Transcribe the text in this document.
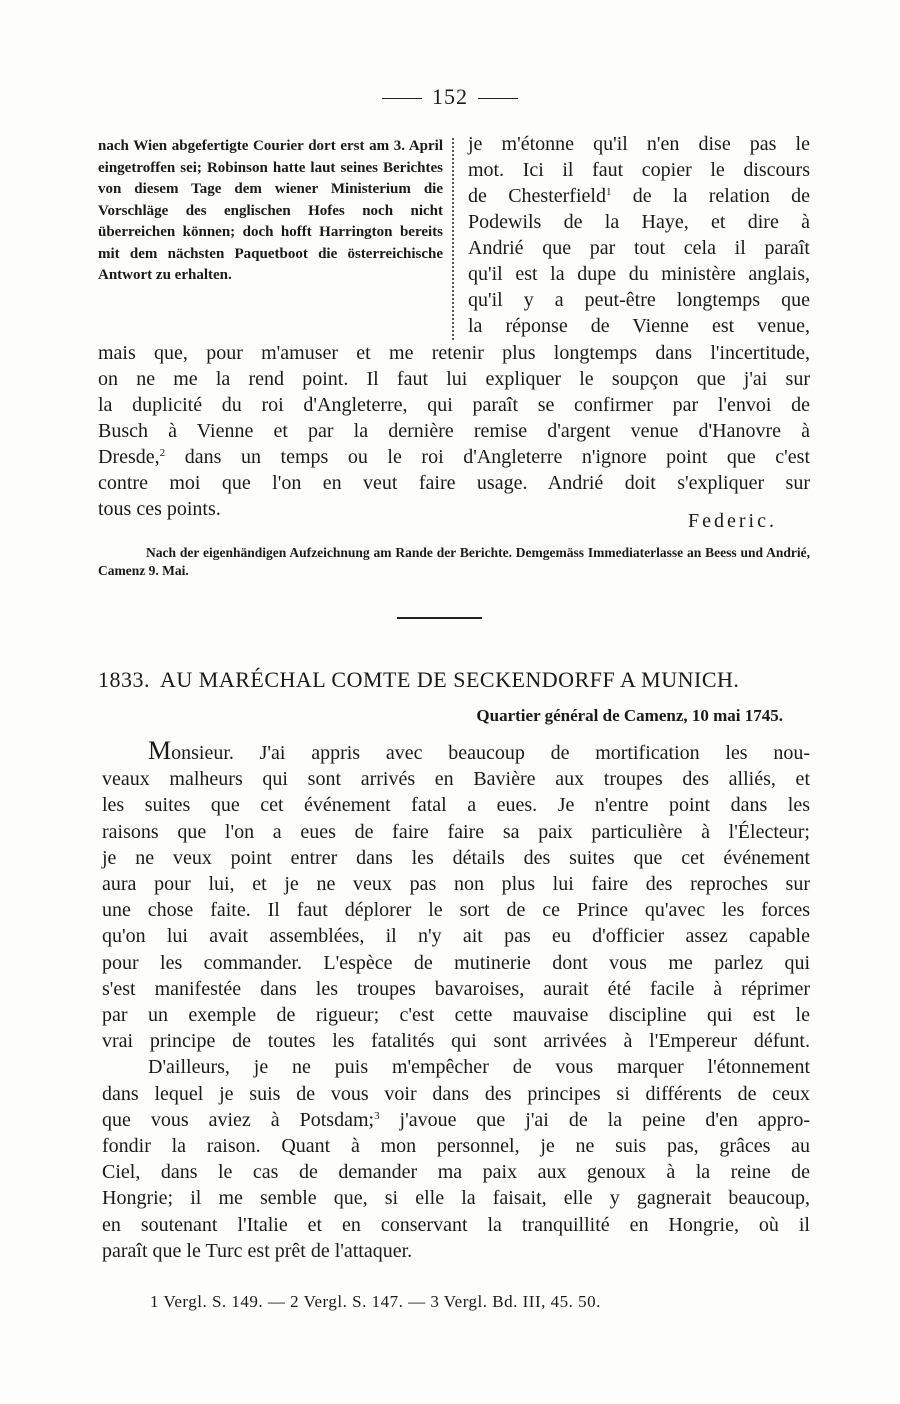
152
nach Wien abgefertigte Courier dort erst am 3. April eingetroffen sei; Robinson hatte laut seines Berichtes von diesem Tage dem wiener Ministerium die Vorschläge des englischen Hofes noch nicht überreichen können; doch hofft Harrington bereits mit dem nächsten Paquetboot die österreichische Antwort zu erhalten.
je m'étonne qu'il n'en dise pas le
mot. Ici il faut copier le discours
de Chesterfield$^1$ de la relation de
Podewils de la Haye, et dire à
Andrié que par tout cela il paraît
qu'il est la dupe du ministère anglais,
qu'il y a peut-être longtemps que
la réponse de Vienne est venue,
mais que, pour m'amuser et me retenir plus longtemps dans l'incertitude,
on ne me la rend point. Il faut lui expliquer le soupçon que j'ai sur
la duplicité du roi d'Angleterre, qui paraît se confirmer par l'envoi de
Busch à Vienne et par la dernière remise d'argent venue d'Hanovre à
Dresde,$^2$ dans un temps ou le roi d'Angleterre n'ignore point que c'est
contre moi que l'on en veut faire usage. Andrié doit s'expliquer sur
tous ces points.
Federic.
Nach der eigenhändigen Aufzeichnung am Rande der Berichte. Demgemäss Immediaterlasse an Beess und Andrié, Camenz 9. Mai.
1833. AU MARÉCHAL COMTE DE SECKENDORFF A MUNICH.
Quartier général de Camenz, 10 mai 1745.

Monsieur. J'ai appris avec beaucoup de mortification les nou-
veaux malheurs qui sont arrivés en Bavière aux troupes des alliés, et
les suites que cet événement fatal a eues. Je n'entre point dans les
raisons que l'on a eues de faire faire sa paix particulière à l'Électeur;
je ne veux point entrer dans les détails des suites que cet événement
aura pour lui, et je ne veux pas non plus lui faire des reproches sur
une chose faite. Il faut déplorer le sort de ce Prince qu'avec les forces
qu'on lui avait assemblées, il n'y ait pas eu d'officier assez capable
pour les commander. L'espèce de mutinerie dont vous me parlez qui
s'est manifestée dans les troupes bavaroises, aurait été facile à réprimer
par un exemple de rigueur; c'est cette mauvaise discipline qui est le
vrai principe de toutes les fatalités qui sont arrivées à l'Empereur défunt.

D'ailleurs, je ne puis m'empêcher de vous marquer l'étonnement
dans lequel je suis de vous voir dans des principes si différents de ceux
que vous aviez à Potsdam;$^3$ j'avoue que j'ai de la peine d'en appro-
fondir la raison. Quant à mon personnel, je ne suis pas, grâces au
Ciel, dans le cas de demander ma paix aux genoux à la reine de
Hongrie; il me semble que, si elle la faisait, elle y gagnerait beaucoup,
en soutenant l'Italie et en conservant la tranquillité en Hongrie, où il
paraît que le Turc est prêt de l'attaquer.

1 Vergl. S. 149. — 2 Vergl. S. 147. — 3 Vergl. Bd. III, 45. 50.
